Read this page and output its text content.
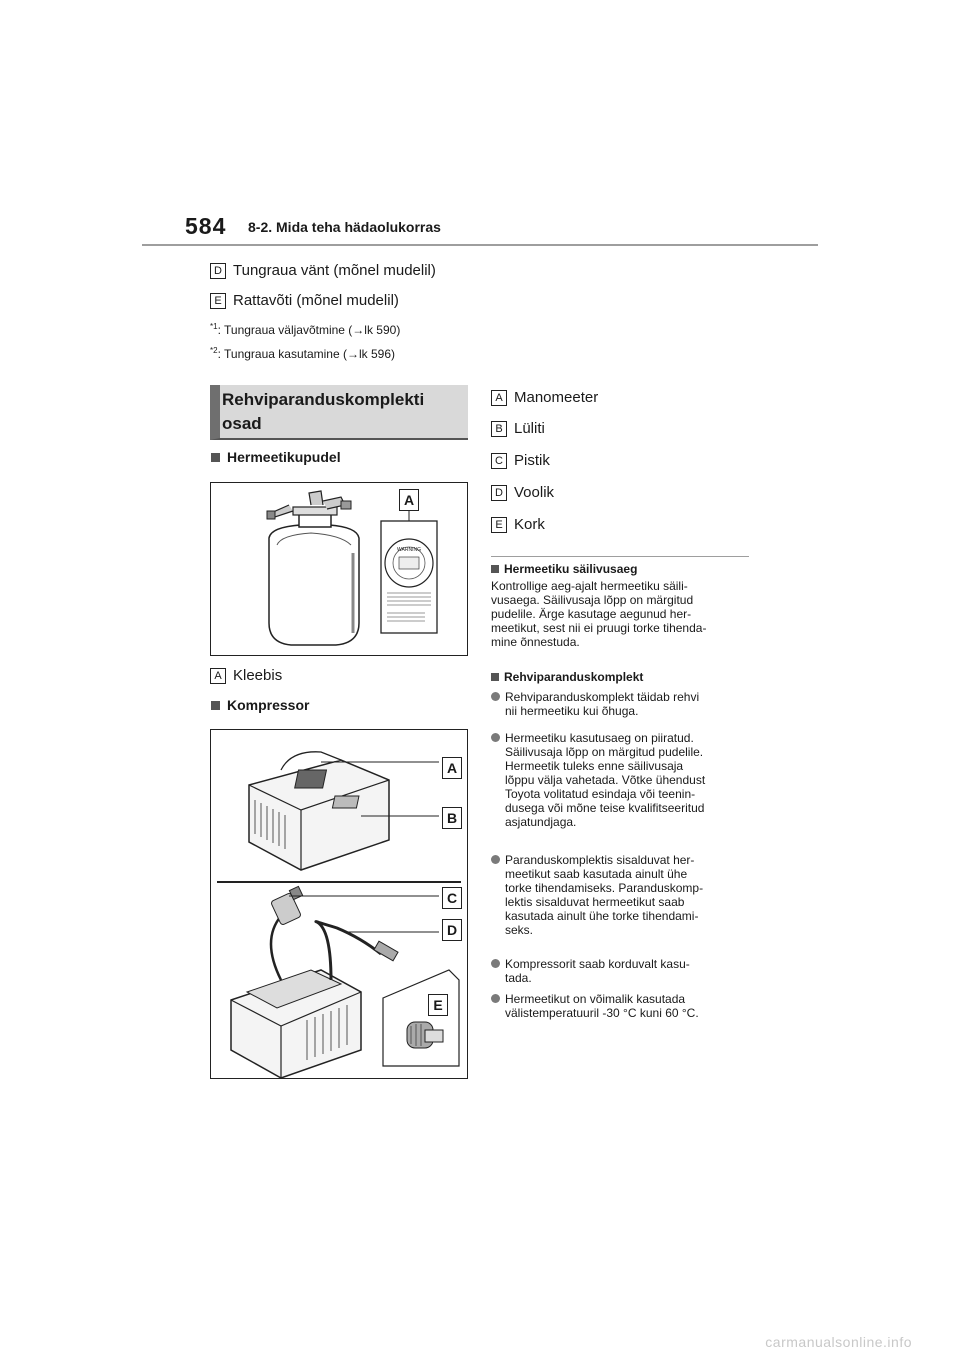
584 8-2. Mida teha hädaolukorras
D Tungraua vänt (mõnel mudelil)
E Rattavõti (mõnel mudelil)
$^{*1}$: Tungraua väljavõtmine (→lk 590)
$^{*2}$: Tungraua kasutamine (→lk 596)
Rehviparanduskomplekti
osad
Hermeetikupudel
WARNING
A
A Kleebis
Kompressor
A
B
C
D
E
A Manomeeter
B Lüliti
C Pistik
D Voolik
E Kork
Hermeetiku säilivusaeg
Kontrollige aeg-ajalt hermeetiku säili-
vusaega. Säilivusaja lõpp on märgitud
pudelile. Ärge kasutage aegunud her-
meetikut, sest nii ei pruugi torke tihenda-
mine õnnestuda.
Rehviparanduskomplekt
Rehviparanduskomplekt täidab rehvi
nii hermeetiku kui õhuga.
Hermeetiku kasutusaeg on piiratud.
Säilivusaja lõpp on märgitud pudelile.
Hermeetik tuleks enne säilivusaja
lõppu välja vahetada. Võtke ühendust
Toyota volitatud esindaja või teenin-
dusega või mõne teise kvalifitseeritud
asjatundjaga.
Paranduskomplektis sisalduvat her-
meetikut saab kasutada ainult ühe
torke tihendamiseks. Paranduskomp-
lektis sisalduvat hermeetikut saab
kasutada ainult ühe torke tihendami-
seks.
Kompressorit saab korduvalt kasu-
tada.
Hermeetikut on võimalik kasutada
välistemperatuuril -30 °C kuni 60 °C.
carmanualsonline.info
